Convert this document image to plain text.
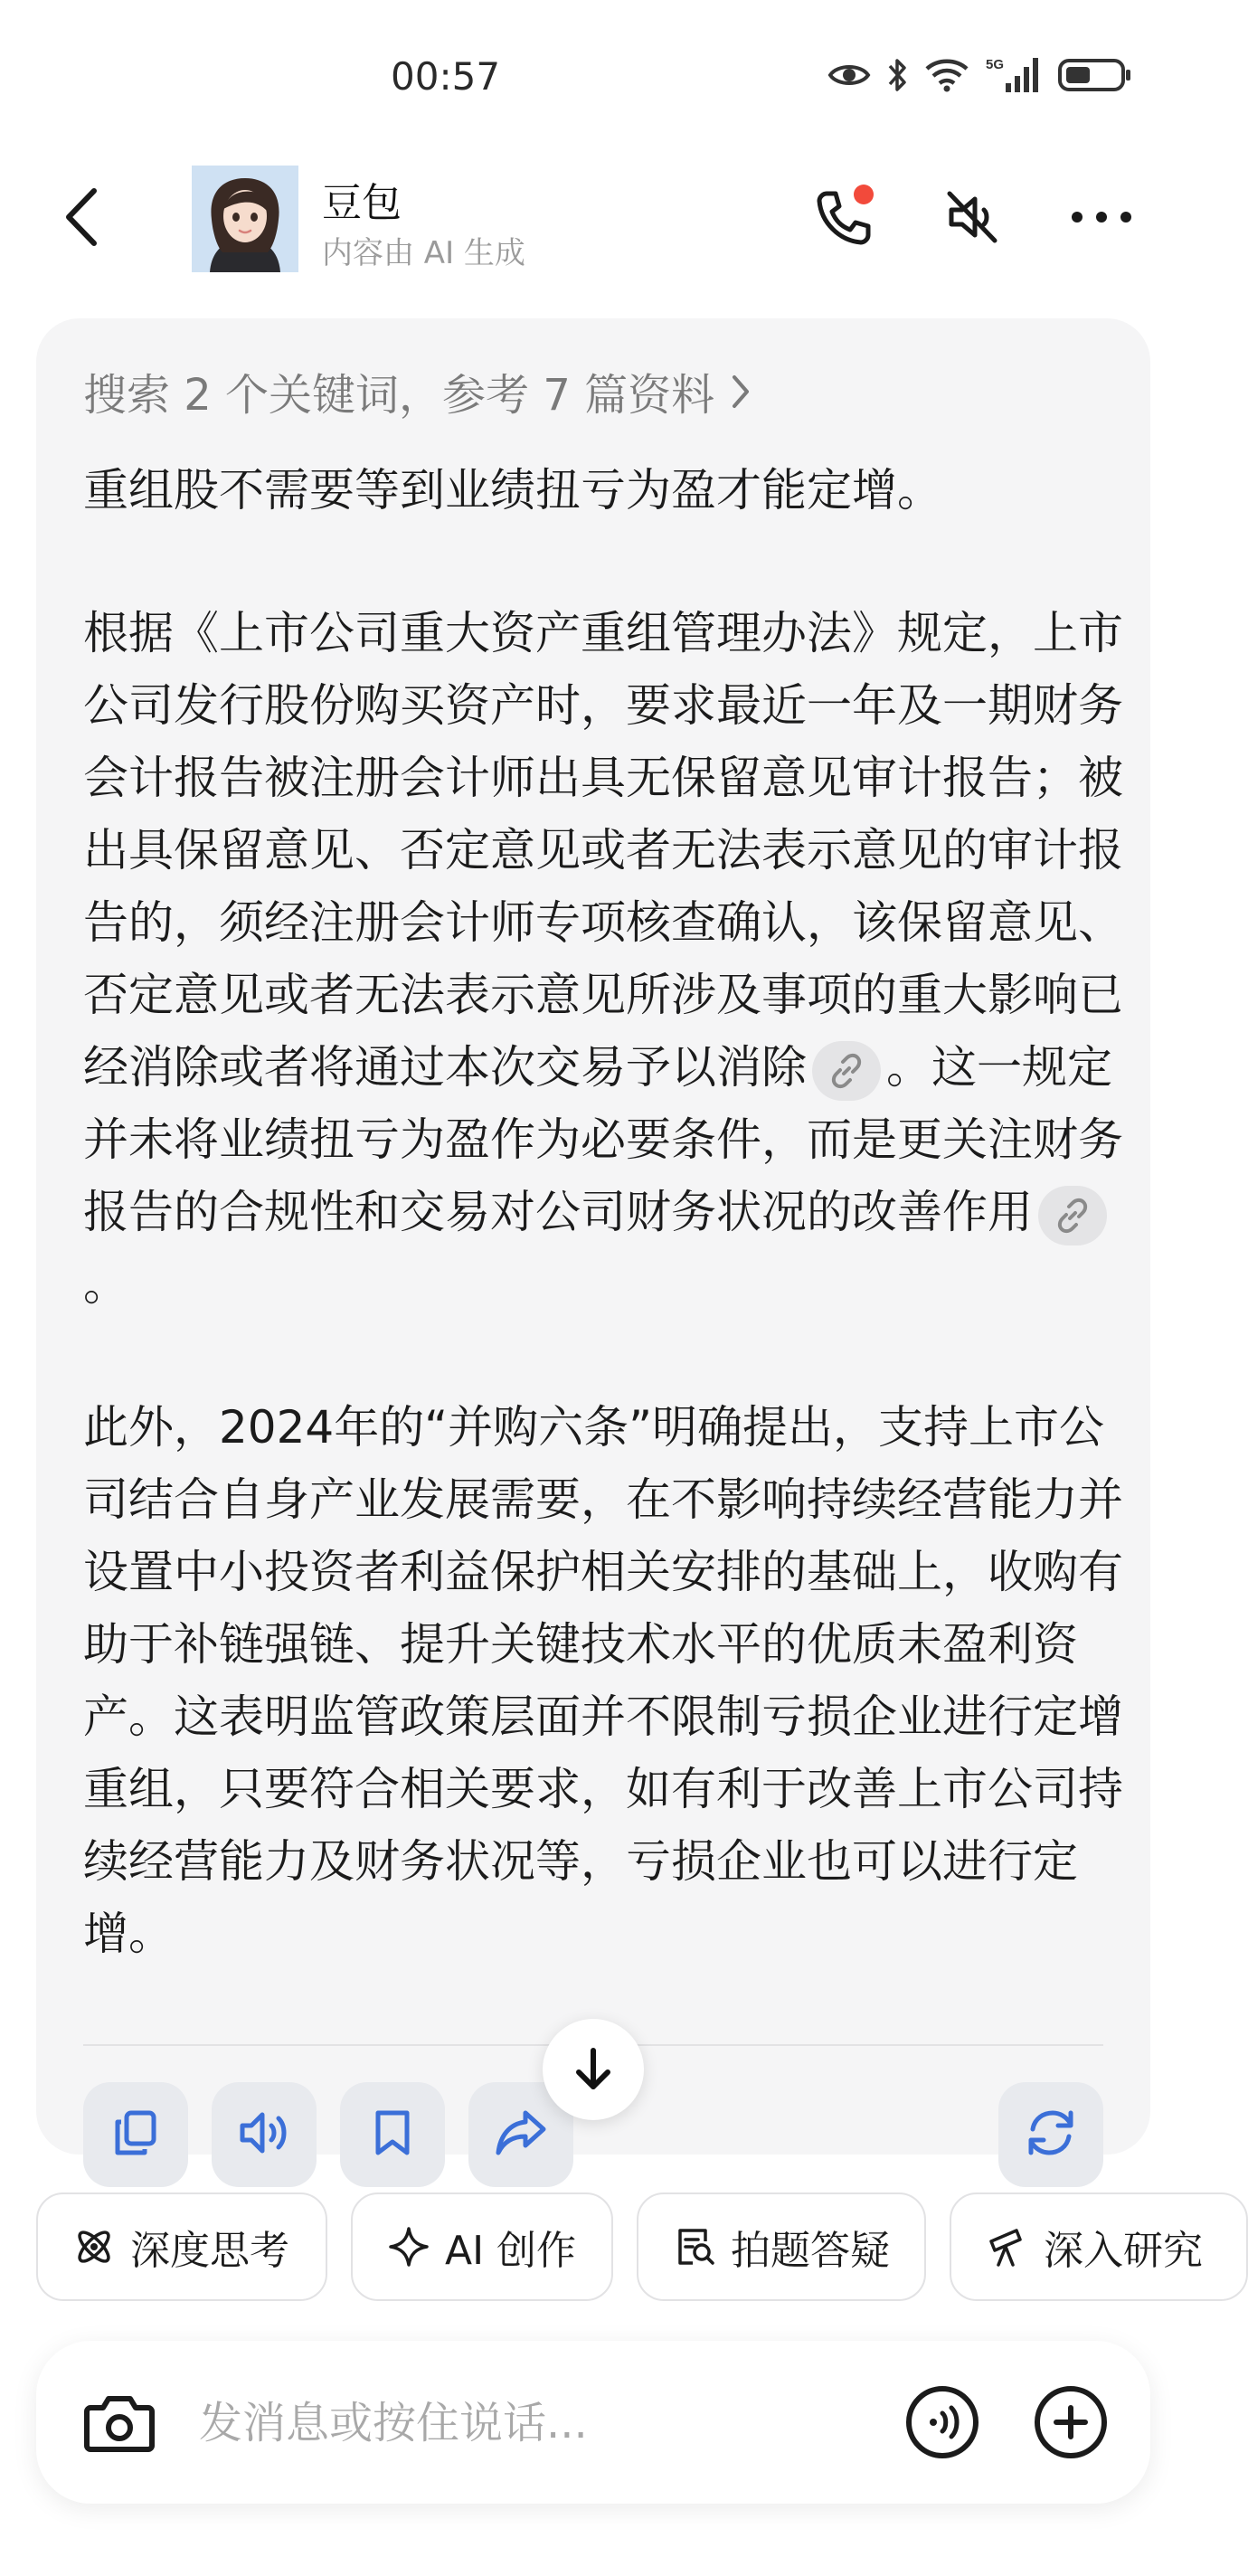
00:57	5G
豆包
内容由 AI 生成
搜索 2 个关键词，参考 7 篇资料

重组股不需要等到业绩扭亏为盈才能定增。

根据《上市公司重大资产重组管理办法》规定，上市公司发行股份购买资产时，要求最近一年及一期财务会计报告被注册会计师出具无保留意见审计报告；被出具保留意见、否定意见或者无法表示意见的审计报告的，须经注册会计师专项核查确认，该保留意见、否定意见或者无法表示意见所涉及事项的重大影响已经消除或者将通过本次交易予以消除 。这一规定并未将业绩扭亏为盈作为必要条件，而是更关注财务报告的合规性和交易对公司财务状况的改善作用
。

此外，2024年的“并购六条”明确提出，支持上市公司结合自身产业发展需要，在不影响持续经营能力并设置中小投资者利益保护相关安排的基础上，收购有助于补链强链、提升关键技术水平的优质未盈利资产。这表明监管政策层面并不限制亏损企业进行定增重组，只要符合相关要求，如有利于改善上市公司持续经营能力及财务状况等，亏损企业也可以进行定增。

深度思考	AI 创作	拍题答疑	深入研究
发消息或按住说话...
